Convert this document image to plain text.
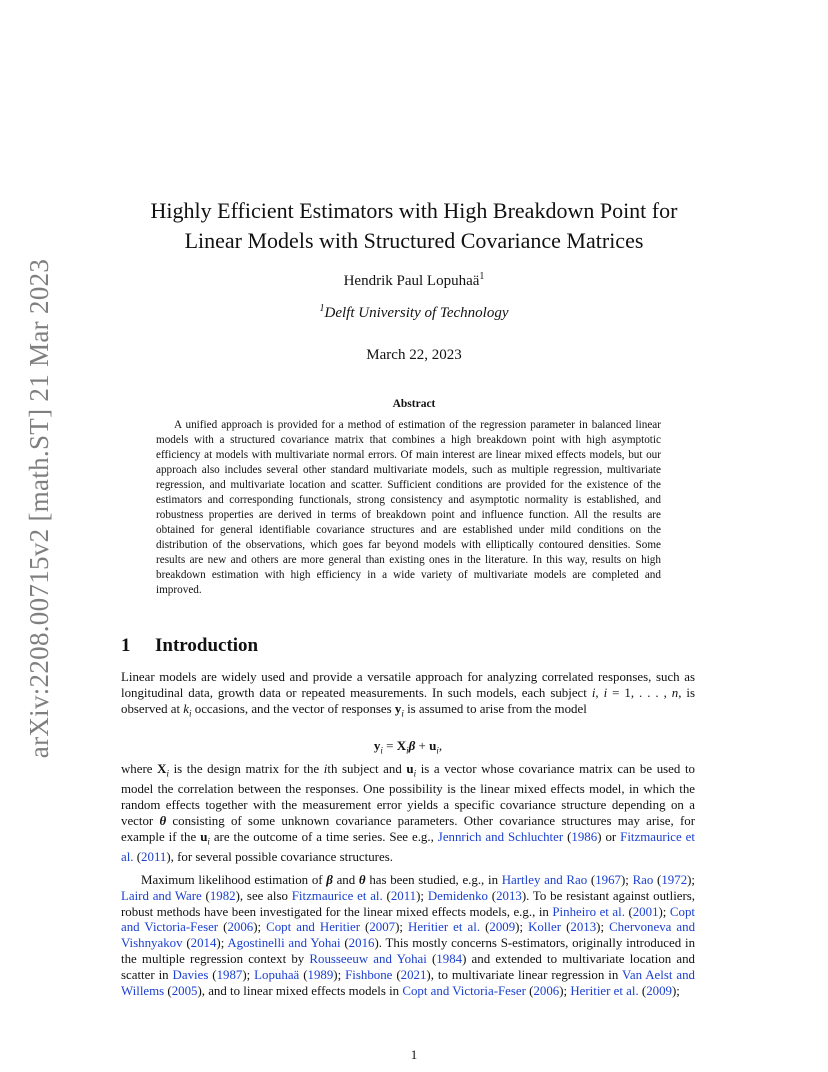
arXiv:2208.00715v2 [math.ST] 21 Mar 2023
Highly Efficient Estimators with High Breakdown Point for
Linear Models with Structured Covariance Matrices
Hendrik Paul Lopuhaä$^1$
$^1$Delft University of Technology
March 22, 2023
Abstract

A unified approach is provided for a method of estimation of the regression parameter in balanced linear models with a structured covariance matrix that combines a high breakdown point with high asymptotic efficiency at models with multivariate normal errors. Of main interest are linear mixed effects models, but our approach also includes several other standard multivariate models, such as multiple regression, multivariate regression, and multivariate location and scatter. Sufficient conditions are provided for the existence of the estimators and corresponding functionals, strong consistency and asymptotic normality is established, and robustness properties are derived in terms of breakdown point and influence function. All the results are obtained for general identifiable covariance structures and are established under mild conditions on the distribution of the observations, which goes far beyond models with elliptically contoured densities. Some results are new and others are more general than existing ones in the literature. In this way, results on high breakdown estimation with high efficiency in a wide variety of multivariate models are completed and improved.

1 Introduction

Linear models are widely used and provide a versatile approach for analyzing correlated responses, such as longitudinal data, growth data or repeated measurements. In such models, each subject i, i = 1, . . . , n, is observed at $k_i$ occasions, and the vector of responses $y_i$ is assumed to arise from the model

$y_i = X_i\beta + u_i$,

where $X_i$ is the design matrix for the ith subject and $u_i$ is a vector whose covariance matrix can be used to model the correlation between the responses. One possibility is the linear mixed effects model, in which the random effects together with the measurement error yields a specific covariance structure depending on a vector θ consisting of some unknown covariance parameters. Other covariance structures may arise, for example if the $u_i$ are the outcome of a time series. See e.g., Jennrich and Schluchter (1986) or Fitzmaurice et al. (2011), for several possible covariance structures.

Maximum likelihood estimation of β and θ has been studied, e.g., in Hartley and Rao (1967); Rao (1972); Laird and Ware (1982), see also Fitzmaurice et al. (2011); Demidenko (2013). To be resistant against outliers, robust methods have been investigated for the linear mixed effects models, e.g., in Pinheiro et al. (2001); Copt and Victoria-Feser (2006); Copt and Heritier (2007); Heritier et al. (2009); Koller (2013); Chervoneva and Vishnyakov (2014); Agostinelli and Yohai (2016). This mostly concerns S-estimators, originally introduced in the multiple regression context by Rousseeuw and Yohai (1984) and extended to multivariate location and scatter in Davies (1987); Lopuhaä (1989); Fishbone (2021), to multivariate linear regression in Van Aelst and Willems (2005), and to linear mixed effects models in Copt and Victoria-Feser (2006); Heritier et al. (2009);

1
